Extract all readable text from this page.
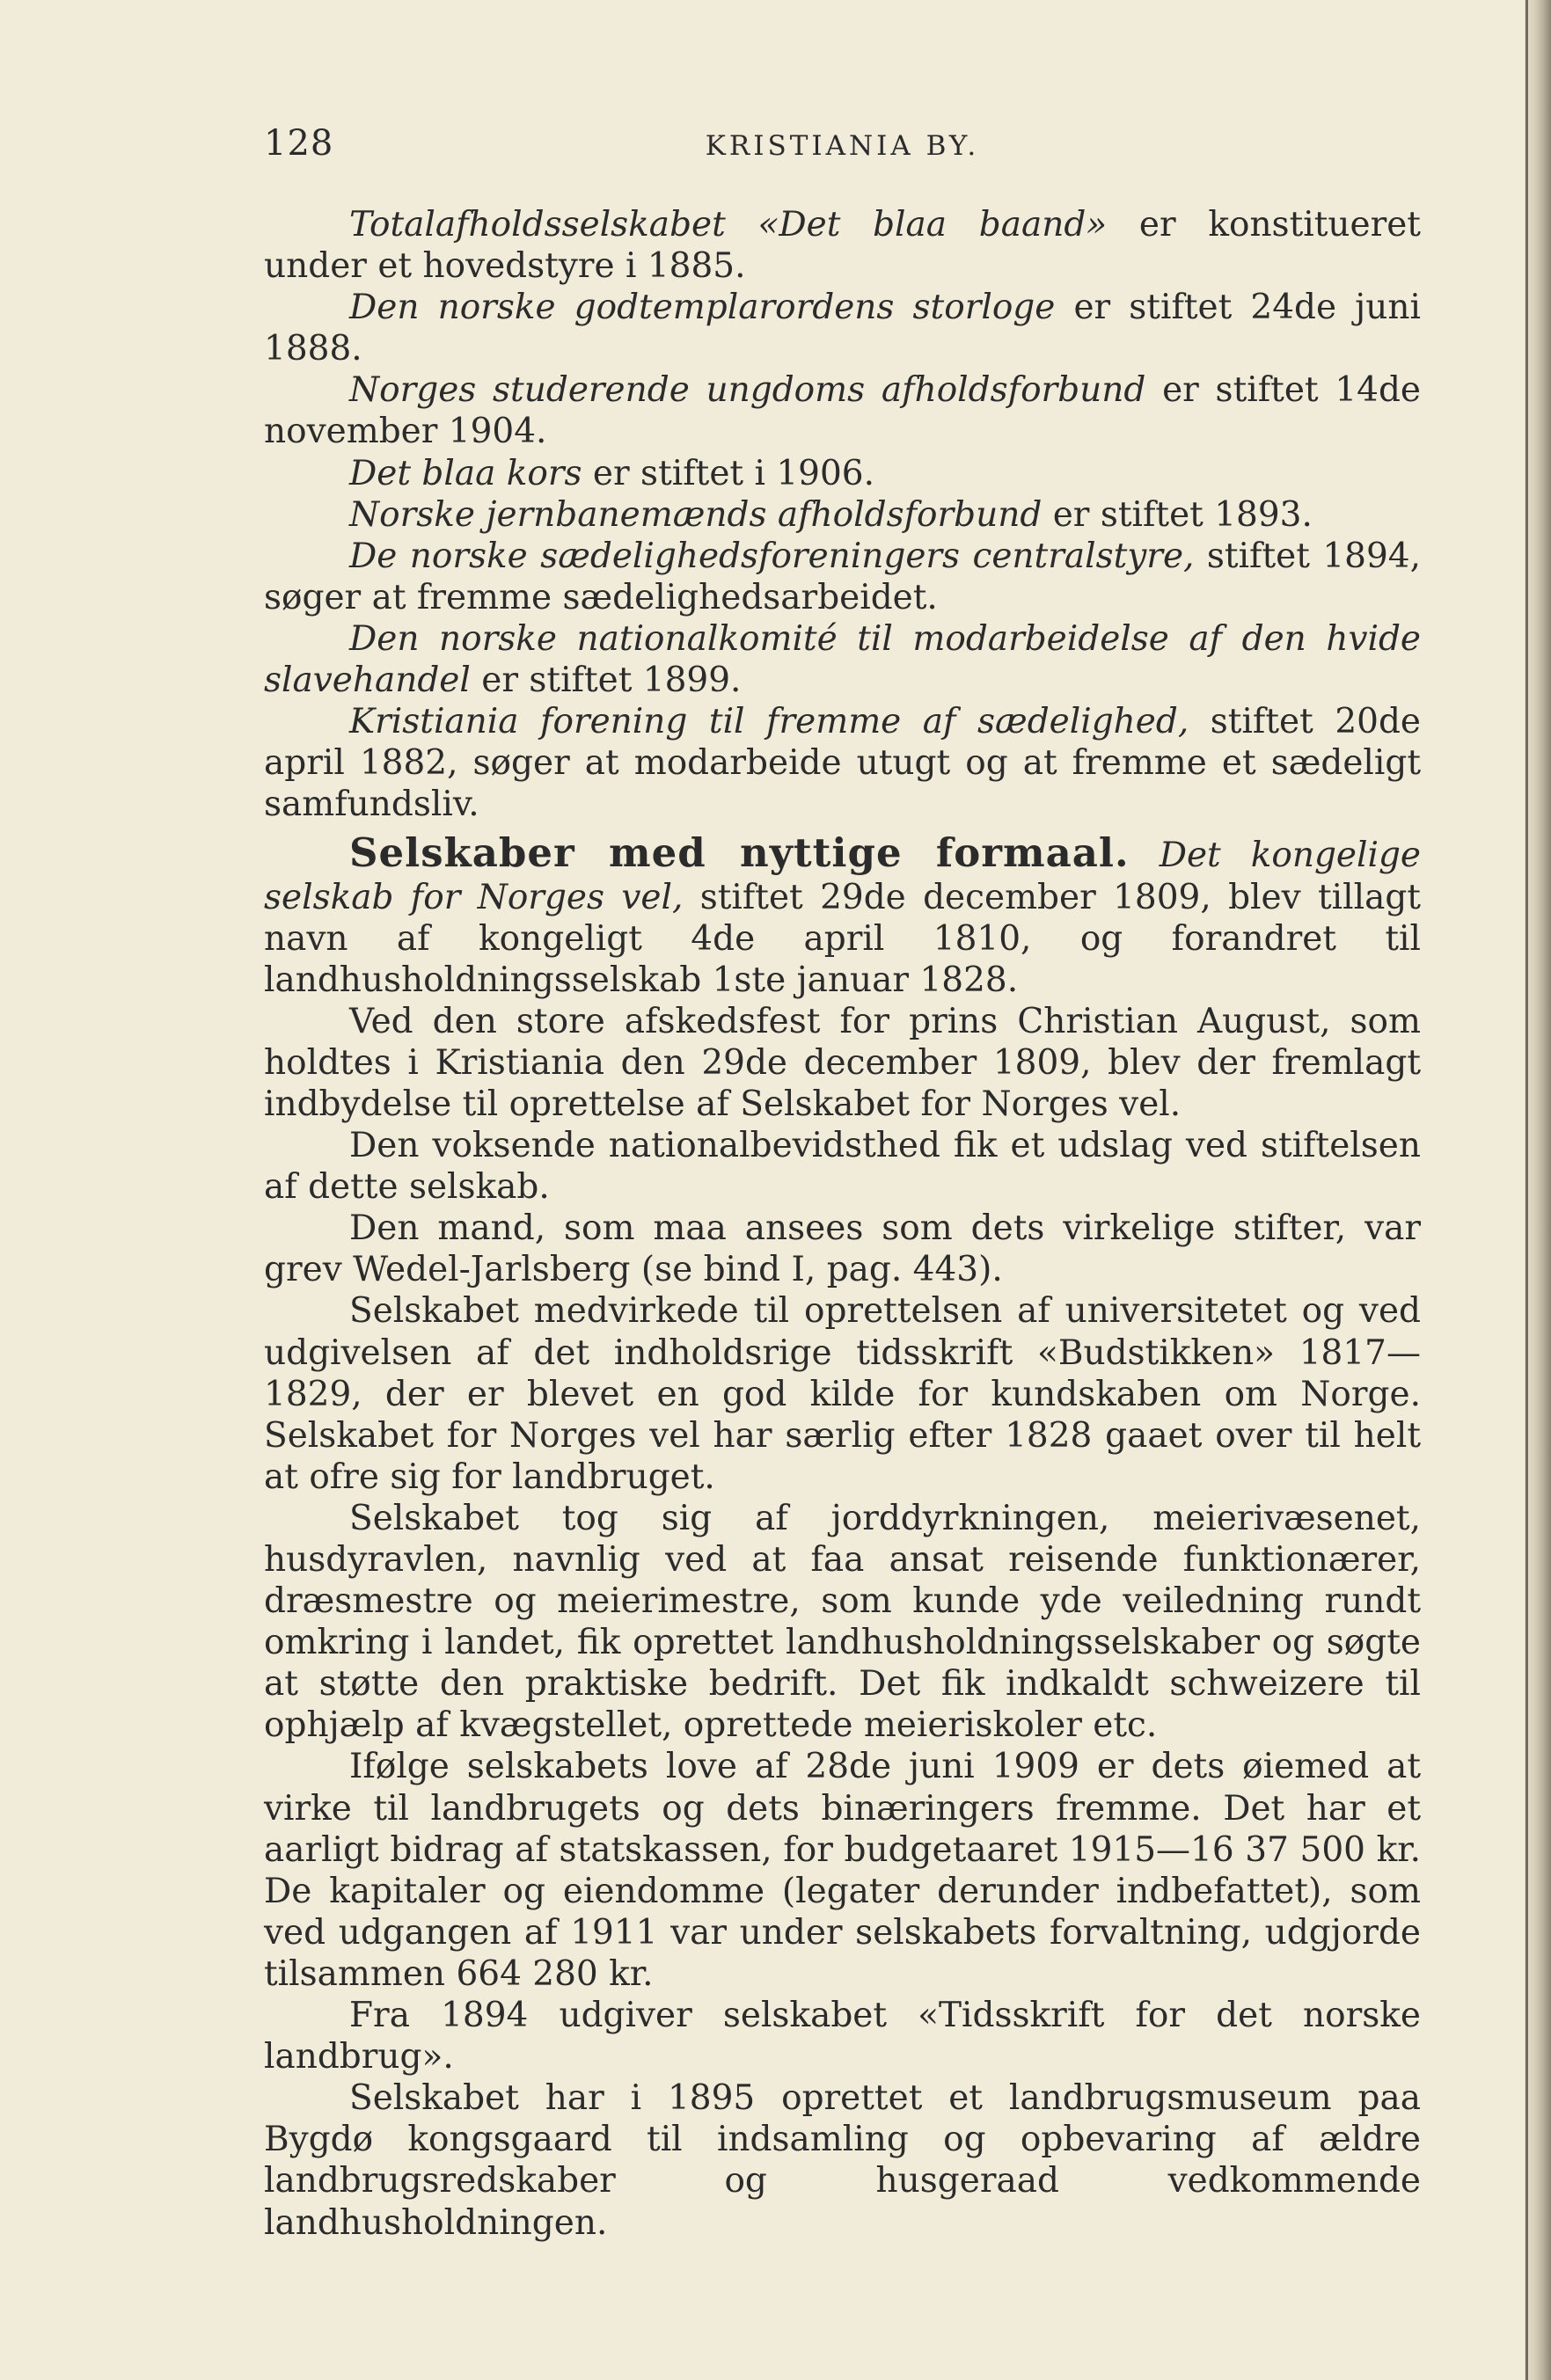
128	KRISTIANIA BY.

Totalafholdsselskabet «Det blaa baand» er konstitueret under et hovedstyre i 1885.

Den norske godtemplarordens storloge er stiftet 24de juni 1888.

Norges studerende ungdoms afholdsforbund er stiftet 14de november 1904.

Det blaa kors er stiftet i 1906.

Norske jernbanemænds afholdsforbund er stiftet 1893.

De norske sædelighedsforeningers centralstyre, stiftet 1894, søger at fremme sædelighedsarbeidet.

Den norske nationalkomité til modarbeidelse af den hvide slavehandel er stiftet 1899.

Kristiania forening til fremme af sædelighed, stiftet 20de april 1882, søger at modarbeide utugt og at fremme et sædeligt samfundsliv.

Selskaber med nyttige formaal. Det kongelige selskab for Norges vel, stiftet 29de december 1809, blev tillagt navn af kongeligt 4de april 1810, og forandret til landhusholdningsselskab 1ste januar 1828.

Ved den store afskedsfest for prins Christian August, som holdtes i Kristiania den 29de december 1809, blev der fremlagt indbydelse til oprettelse af Selskabet for Norges vel.

Den voksende nationalbevidsthed fik et udslag ved stiftelsen af dette selskab.

Den mand, som maa ansees som dets virkelige stifter, var grev Wedel-Jarlsberg (se bind I, pag. 443).

Selskabet medvirkede til oprettelsen af universitetet og ved udgivelsen af det indholdsrige tidsskrift «Budstikken» 1817—1829, der er blevet en god kilde for kundskaben om Norge. Selskabet for Norges vel har særlig efter 1828 gaaet over til helt at ofre sig for landbruget.

Selskabet tog sig af jorddyrkningen, meierivæsenet, husdyravlen, navnlig ved at faa ansat reisende funktionærer, dræsmestre og meierimestre, som kunde yde veiledning rundt omkring i landet, fik oprettet landhusholdningsselskaber og søgte at støtte den praktiske bedrift. Det fik indkaldt schweizere til ophjælp af kvægstellet, oprettede meieriskoler etc.

Ifølge selskabets love af 28de juni 1909 er dets øiemed at virke til landbrugets og dets binæringers fremme. Det har et aarligt bidrag af statskassen, for budgetaaret 1915—16 37 500 kr. De kapitaler og eiendomme (legater derunder indbefattet), som ved udgangen af 1911 var under selskabets forvaltning, udgjorde tilsammen 664 280 kr.

Fra 1894 udgiver selskabet «Tidsskrift for det norske landbrug».

Selskabet har i 1895 oprettet et landbrugsmuseum paa Bygdø kongsgaard til indsamling og opbevaring af ældre landbrugsredskaber og husgeraad vedkommende landhusholdningen.
